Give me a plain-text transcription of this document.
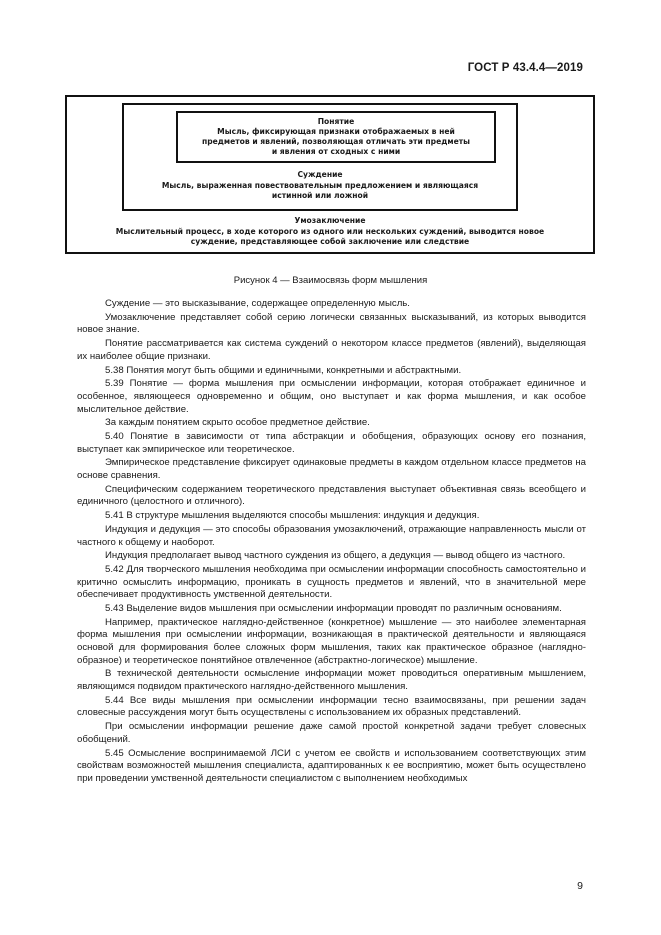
ГОСТ Р 43.4.4—2019
Умозаключение
Мыслительный процесс, в ходе которого из одного или нескольких суждений, выводится новое суждение, представляющее собой заключение или следствие
Суждение
Мысль, выраженная повествовательным предложением и являющаяся истинной или ложной
Понятие
Мысль, фиксирующая признаки отображаемых в ней предметов и явлений, позволяющая отличать эти предметы и явления от сходных с ними
Рисунок 4 — Взаимосвязь форм мышления

Суждение — это высказывание, содержащее определенную мысль.

Умозаключение представляет собой серию логически связанных высказываний, из которых выводится новое знание.

Понятие рассматривается как система суждений о некотором классе предметов (явлений), выделяющая их наиболее общие признаки.

5.38 Понятия могут быть общими и единичными, конкретными и абстрактными.

5.39 Понятие — форма мышления при осмыслении информации, которая отображает единичное и особенное, являющееся одновременно и общим, оно выступает и как форма мышления, и как особое мыслительное действие.

За каждым понятием скрыто особое предметное действие.

5.40 Понятие в зависимости от типа абстракции и обобщения, образующих основу его познания, выступает как эмпирическое или теоретическое.

Эмпирическое представление фиксирует одинаковые предметы в каждом отдельном классе предметов на основе сравнения.

Специфическим содержанием теоретического представления выступает объективная связь всеобщего и единичного (целостного и отличного).

5.41 В структуре мышления выделяются способы мышления: индукция и дедукция.

Индукция и дедукция — это способы образования умозаключений, отражающие направленность мысли от частного к общему и наоборот.

Индукция предполагает вывод частного суждения из общего, а дедукция — вывод общего из частного.

5.42 Для творческого мышления необходима при осмыслении информации способность самостоятельно и критично осмыслить информацию, проникать в сущность предметов и явлений, что в значительной мере обеспечивает продуктивность умственной деятельности.

5.43 Выделение видов мышления при осмыслении информации проводят по различным основаниям.

Например, практическое наглядно-действенное (конкретное) мышление — это наиболее элементарная форма мышления при осмыслении информации, возникающая в практической деятельности и являющаяся основой для формирования более сложных форм мышления, таких как практическое образное (наглядно-образное) и теоретическое понятийное отвлеченное (абстрактно-логическое) мышление.

В технической деятельности осмысление информации может проводиться оперативным мышлением, являющимся подвидом практического наглядно-действенного мышления.

5.44 Все виды мышления при осмыслении информации тесно взаимосвязаны, при решении задач словесные рассуждения могут быть осуществлены с использованием их образных представлений.

При осмыслении информации решение даже самой простой конкретной задачи требует словесных обобщений.

5.45 Осмысление воспринимаемой ЛСИ с учетом ее свойств и использованием соответствующих этим свойствам возможностей мышления специалиста, адаптированных к ее восприятию, может быть осуществлено при проведении умственной деятельности специалистом с выполнением необходимых

9
